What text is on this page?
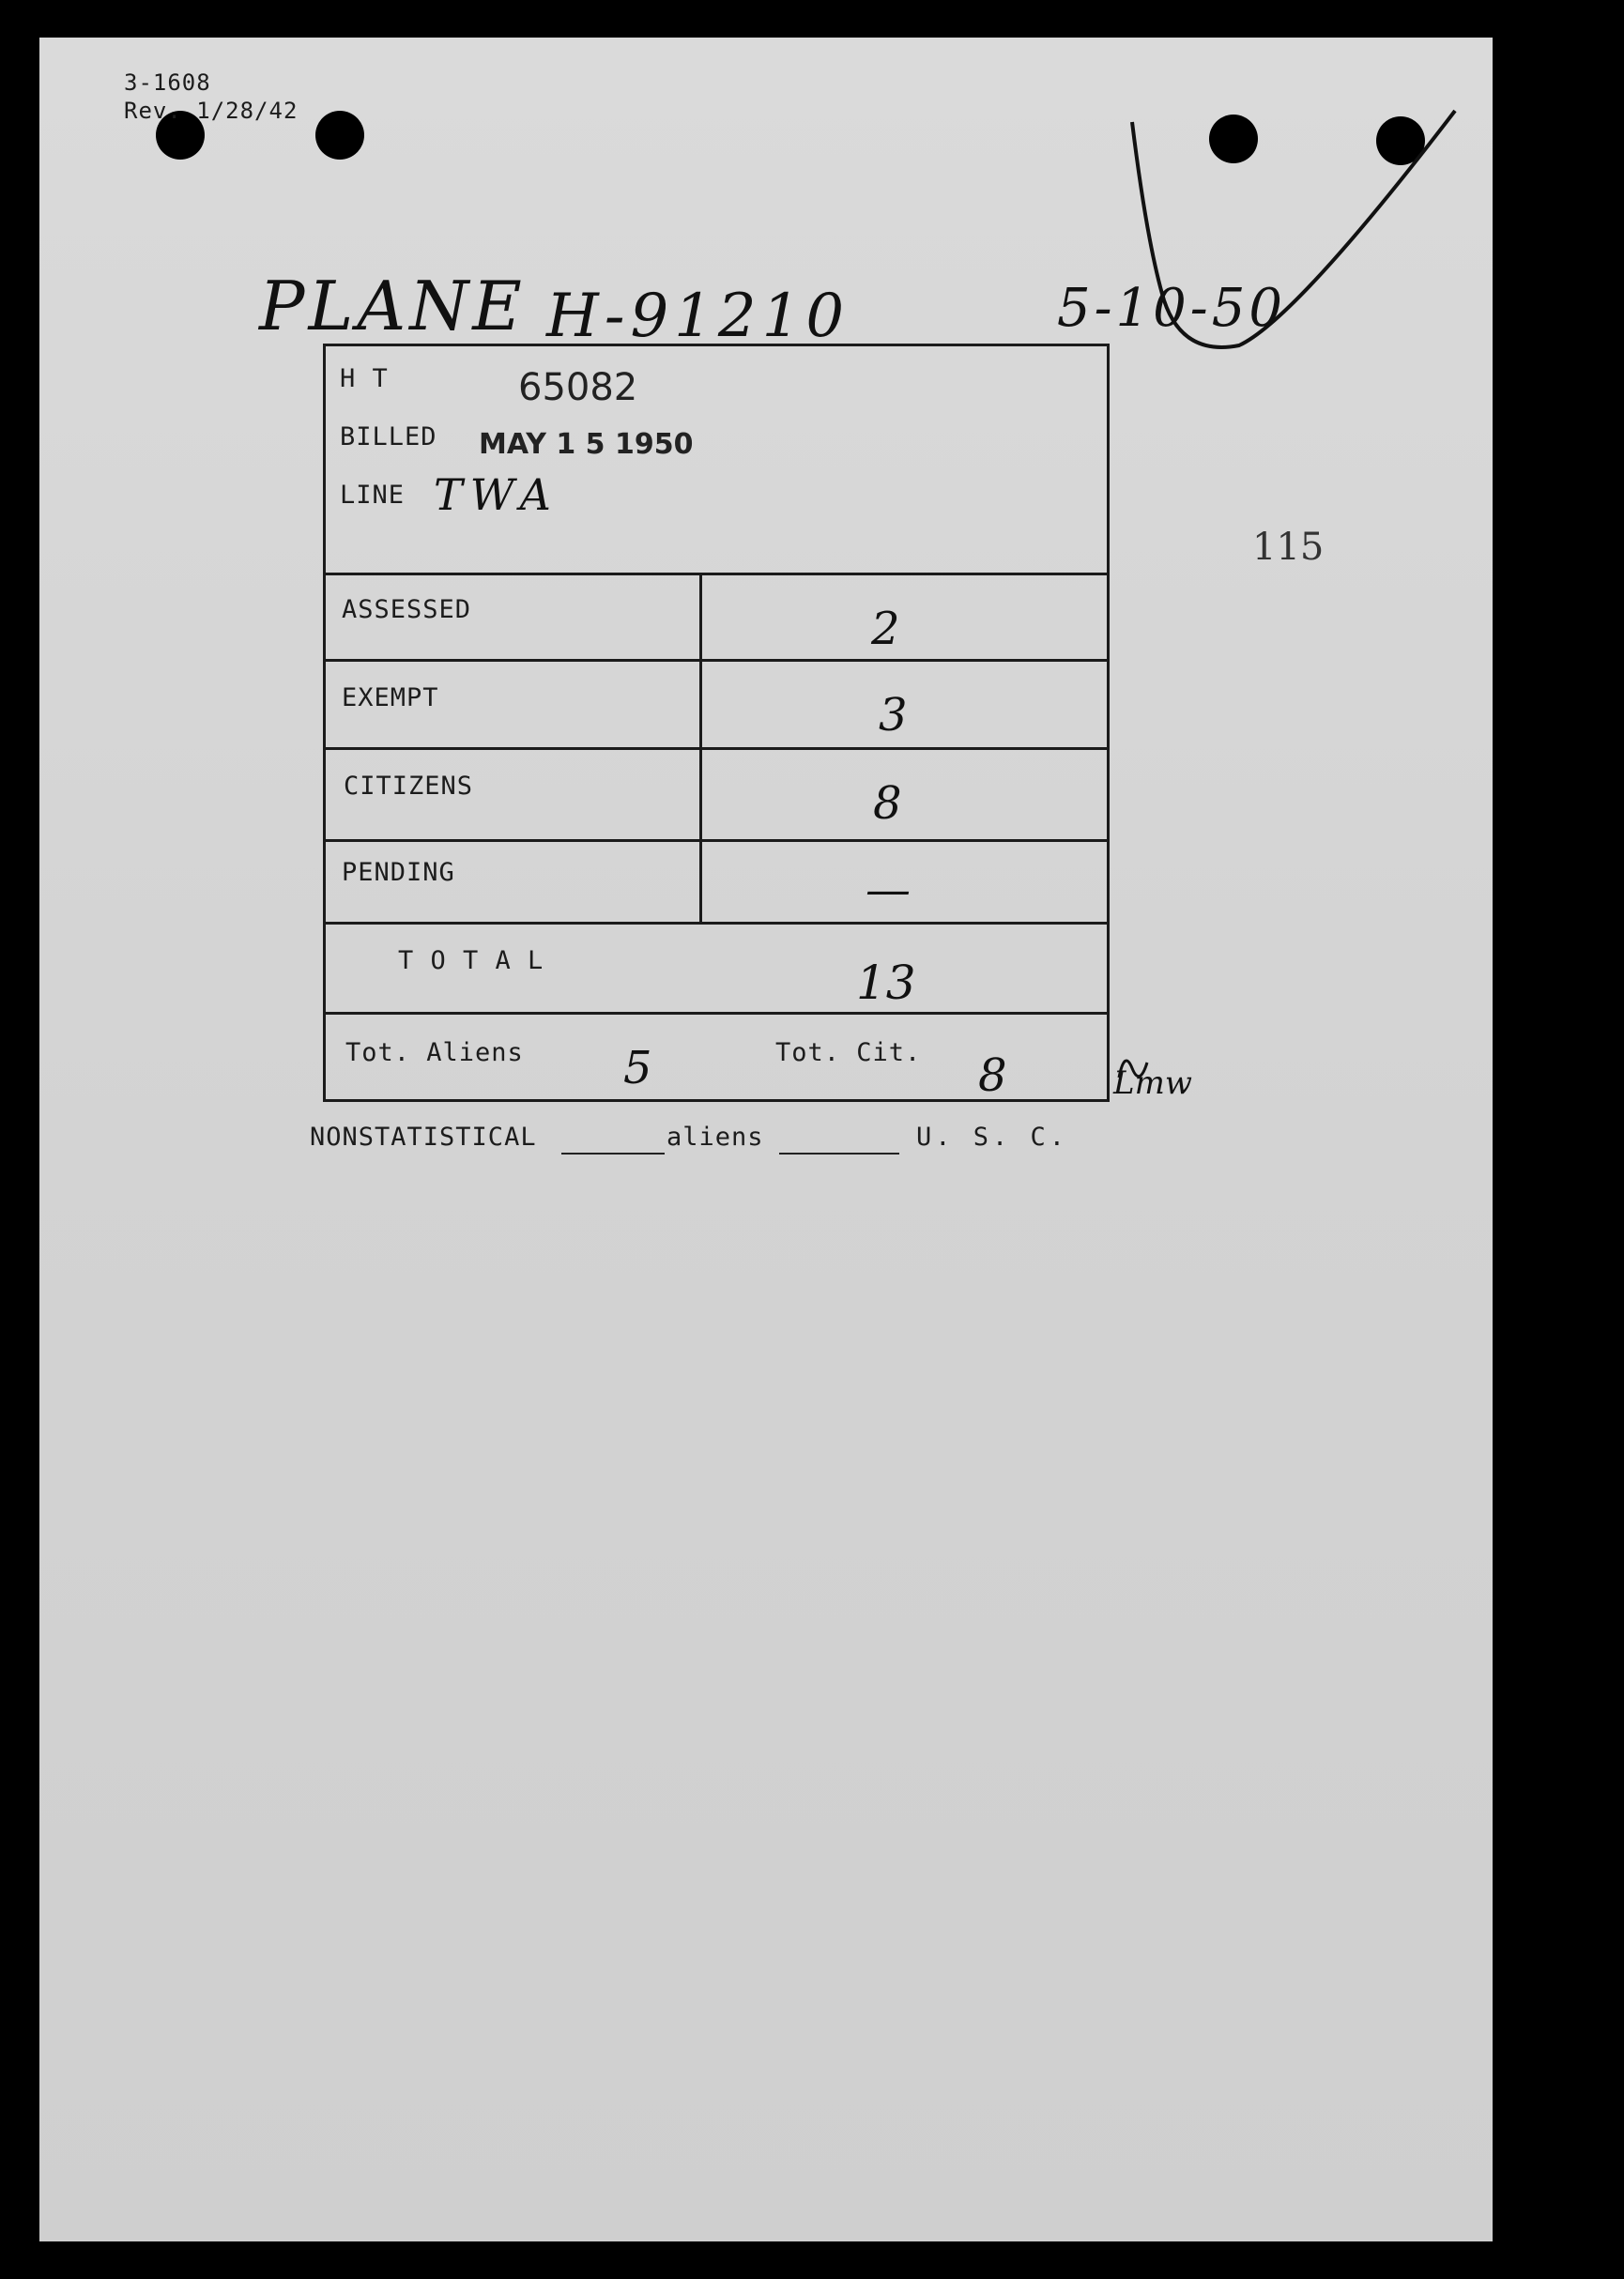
3-1608
Rev. 1/28/42
PLANE H-91210	5-10-50
H T	65082
BILLED MAY 1 5 1950
LINE TWA
ASSESSED	2
EXEMPT	3
CITIZENS	8
PENDING	—
T O T A L	13
Tot. Aliens 5	Tot. Cit. 8	Lmw
115
NONSTATISTICAL	aliens	U. S. C.
